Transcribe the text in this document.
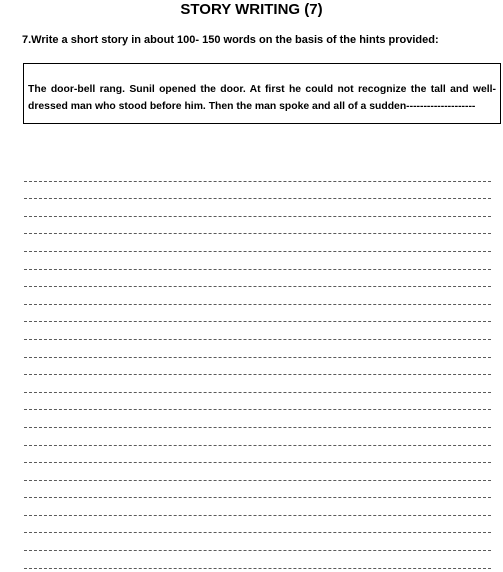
STORY WRITING (7)
7.Write a short story in about 100- 150 words on the basis of the hints provided:
The door-bell rang. Sunil opened the door. At first he could not recognize the tall and well-dressed man who stood before him. Then the man spoke and all of a sudden--------------------
